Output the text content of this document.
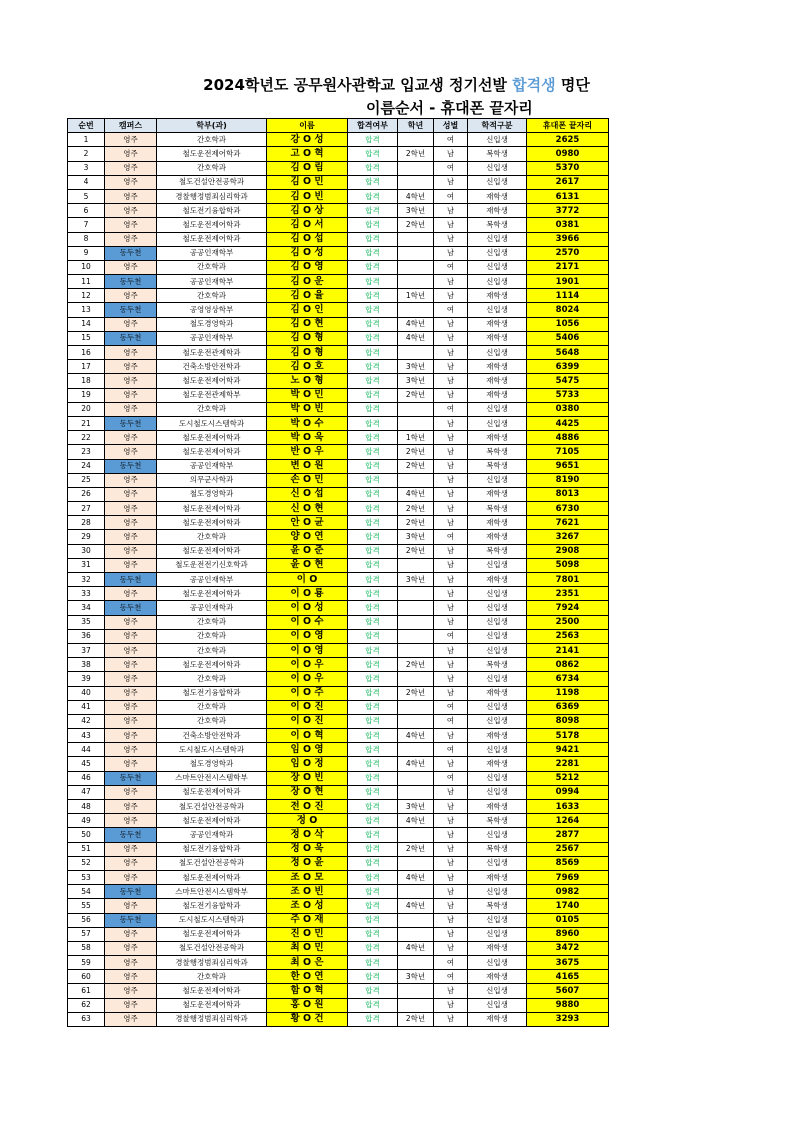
2024학년도 공무원사관학교 입교생 정기선발 합격생 명단
이름순서 - 휴대폰 끝자리
순번	캠퍼스	학부(과)	이름	합격여부	학년	성별	학적구분	휴대폰 끝자리
1	영주	간호학과	강 O 성	합격		여	신입생	2625
2	영주	철도운전제어학과	고 O 혁	합격	2학년	남	복학생	0980
3	영주	간호학과	김 O 림	합격		여	신입생	5370
4	영주	철도건설안전공학과	김 O 민	합격		남	신입생	2617
5	영주	경찰행정범죄심리학과	김 O 빈	합격	4학년	여	재학생	6131
6	영주	철도전기융합학과	김 O 상	합격	3학년	남	재학생	3772
7	영주	철도운전제어학과	김 O 서	합격	2학년	남	복학생	0381
8	영주	철도운전제어학과	김 O 섭	합격		남	신입생	3966
9	동두천	공공인재학부	김 O 성	합격		남	신입생	2570
10	영주	간호학과	김 O 영	합격		여	신입생	2171
11	동두천	공공인재학부	김 O 운	합격		남	신입생	1901
12	영주	간호학과	김 O 율	합격	1학년	남	재학생	1114
13	동두천	공영영상학부	김 O 인	합격		여	신입생	8024
14	영주	철도경영학과	김 O 현	합격	4학년	남	재학생	1056
15	동두천	공공인재학부	김 O 형	합격	4학년	남	재학생	5406
16	영주	철도운전관제학과	김 O 형	합격		남	신입생	5648
17	영주	건축소방안전학과	김 O 호	합격	3학년	남	재학생	6399
18	영주	철도운전제어학과	노 O 형	합격	3학년	남	재학생	5475
19	영주	철도운전관제학부	박 O 민	합격	2학년	남	재학생	5733
20	영주	간호학과	박 O 빈	합격		여	신입생	0380
21	동두천	도시철도시스템학과	박 O 수	합격		남	신입생	4425
22	영주	철도운전제어학과	박 O 욱	합격	1학년	남	재학생	4886
23	영주	철도운전제어학과	반 O 우	합격	2학년	남	복학생	7105
24	동두천	공공인재학부	변 O 원	합격	2학년	남	복학생	9651
25	영주	의무군사학과	손 O 민	합격		남	신입생	8190
26	영주	철도경영학과	신 O 섭	합격	4학년	남	재학생	8013
27	영주	철도운전제어학과	신 O 현	합격	2학년	남	복학생	6730
28	영주	철도운전제어학과	안 O 균	합격	2학년	남	재학생	7621
29	영주	간호학과	양 O 연	합격	3학년	여	재학생	3267
30	영주	철도운전제어학과	윤 O 준	합격	2학년	남	복학생	2908
31	영주	철도운전전기신호학과	윤 O 현	합격		남	신입생	5098
32	동두천	공공인재학부	이 O	합격	3학년	남	재학생	7801
33	영주	철도운전제어학과	이 O 룡	합격		남	신입생	2351
34	동두천	공공인재학과	이 O 성	합격		남	신입생	7924
35	영주	간호학과	이 O 수	합격		남	신입생	2500
36	영주	간호학과	이 O 영	합격		여	신입생	2563
37	영주	간호학과	이 O 영	합격		남	신입생	2141
38	영주	철도운전제어학과	이 O 우	합격	2학년	남	복학생	0862
39	영주	간호학과	이 O 우	합격		남	신입생	6734
40	영주	철도전기융합학과	이 O 주	합격	2학년	남	재학생	1198
41	영주	간호학과	이 O 진	합격		여	신입생	6369
42	영주	간호학과	이 O 진	합격		여	신입생	8098
43	영주	건축소방안전학과	이 O 혁	합격	4학년	남	재학생	5178
44	영주	도시철도시스템학과	임 O 영	합격		여	신입생	9421
45	영주	철도경영학과	임 O 정	합격	4학년	남	재학생	2281
46	동두천	스마트안전시스템학부	장 O 빈	합격		여	신입생	5212
47	영주	철도운전제어학과	장 O 현	합격		남	신입생	0994
48	영주	철도건설안전공학과	전 O 진	합격	3학년	남	재학생	1633
49	영주	철도운전제어학과	정 O	합격	4학년	남	복학생	1264
50	동두천	공공인재학과	정 O 삭	합격		남	신입생	2877
51	영주	철도전기융합학과	정 O 욱	합격	2학년	남	복학생	2567
52	영주	철도건설안전공학과	정 O 윤	합격		남	신입생	8569
53	영주	철도운전제어학과	조 O 모	합격	4학년	남	재학생	7969
54	동두천	스마트안전시스템학부	조 O 빈	합격		남	신입생	0982
55	영주	철도전기융합학과	조 O 성	합격	4학년	남	복학생	1740
56	동두천	도시철도시스템학과	주 O 재	합격		남	신입생	0105
57	영주	철도운전제어학과	진 O 민	합격		남	신입생	8960
58	영주	철도건설안전공학과	최 O 민	합격	4학년	남	재학생	3472
59	영주	경찰행정범죄심리학과	최 O 은	합격		여	신입생	3675
60	영주	간호학과	한 O 연	합격	3학년	여	재학생	4165
61	영주	철도운전제어학과	함 O 혁	합격		남	신입생	5607
62	영주	철도운전제어학과	홍 O 원	합격		남	신입생	9880
63	영주	경찰행정범죄심리학과	황 O 건	합격	2학년	남	재학생	3293
